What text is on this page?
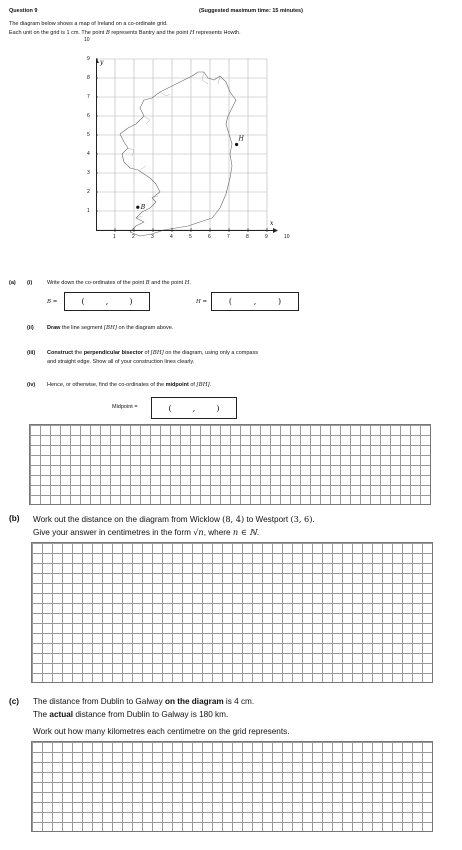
Question 9	(Suggested maximum time: 15 minutes)
The diagram below shows a map of Ireland on a co-ordinate grid.
Each unit on the grid is 1 cm. The point B represents Bantry and the point H represents Howth.
x
y
B
H
(a) (i)	Write down the co-ordinates of the point B and the point H.
B =	(	,	)	H =	(	,	)
(ii) Draw the line segment [BH] on the diagram above.
(iii) Construct the perpendicular bisector of [BH] on the diagram, using only a compass
and straight edge. Show all of your construction lines clearly.
(iv) Hence, or otherwise, find the co-ordinates of the midpoint of [BH].
Midpoint =	(	,	)
(b) Work out the distance on the diagram from Wicklow (8, 4) to Westport (3, 6).
Give your answer in centimetres in the form √n, where n ∈ ℕ.
(c) The distance from Dublin to Galway on the diagram is 4 cm.
The actual distance from Dublin to Galway is 180 km.
Work out how many kilometres each centimetre on the grid represents.
1	2	3	4	5	6	7	8	9	10
1
2
3
4
5
6
7
8
9
10
